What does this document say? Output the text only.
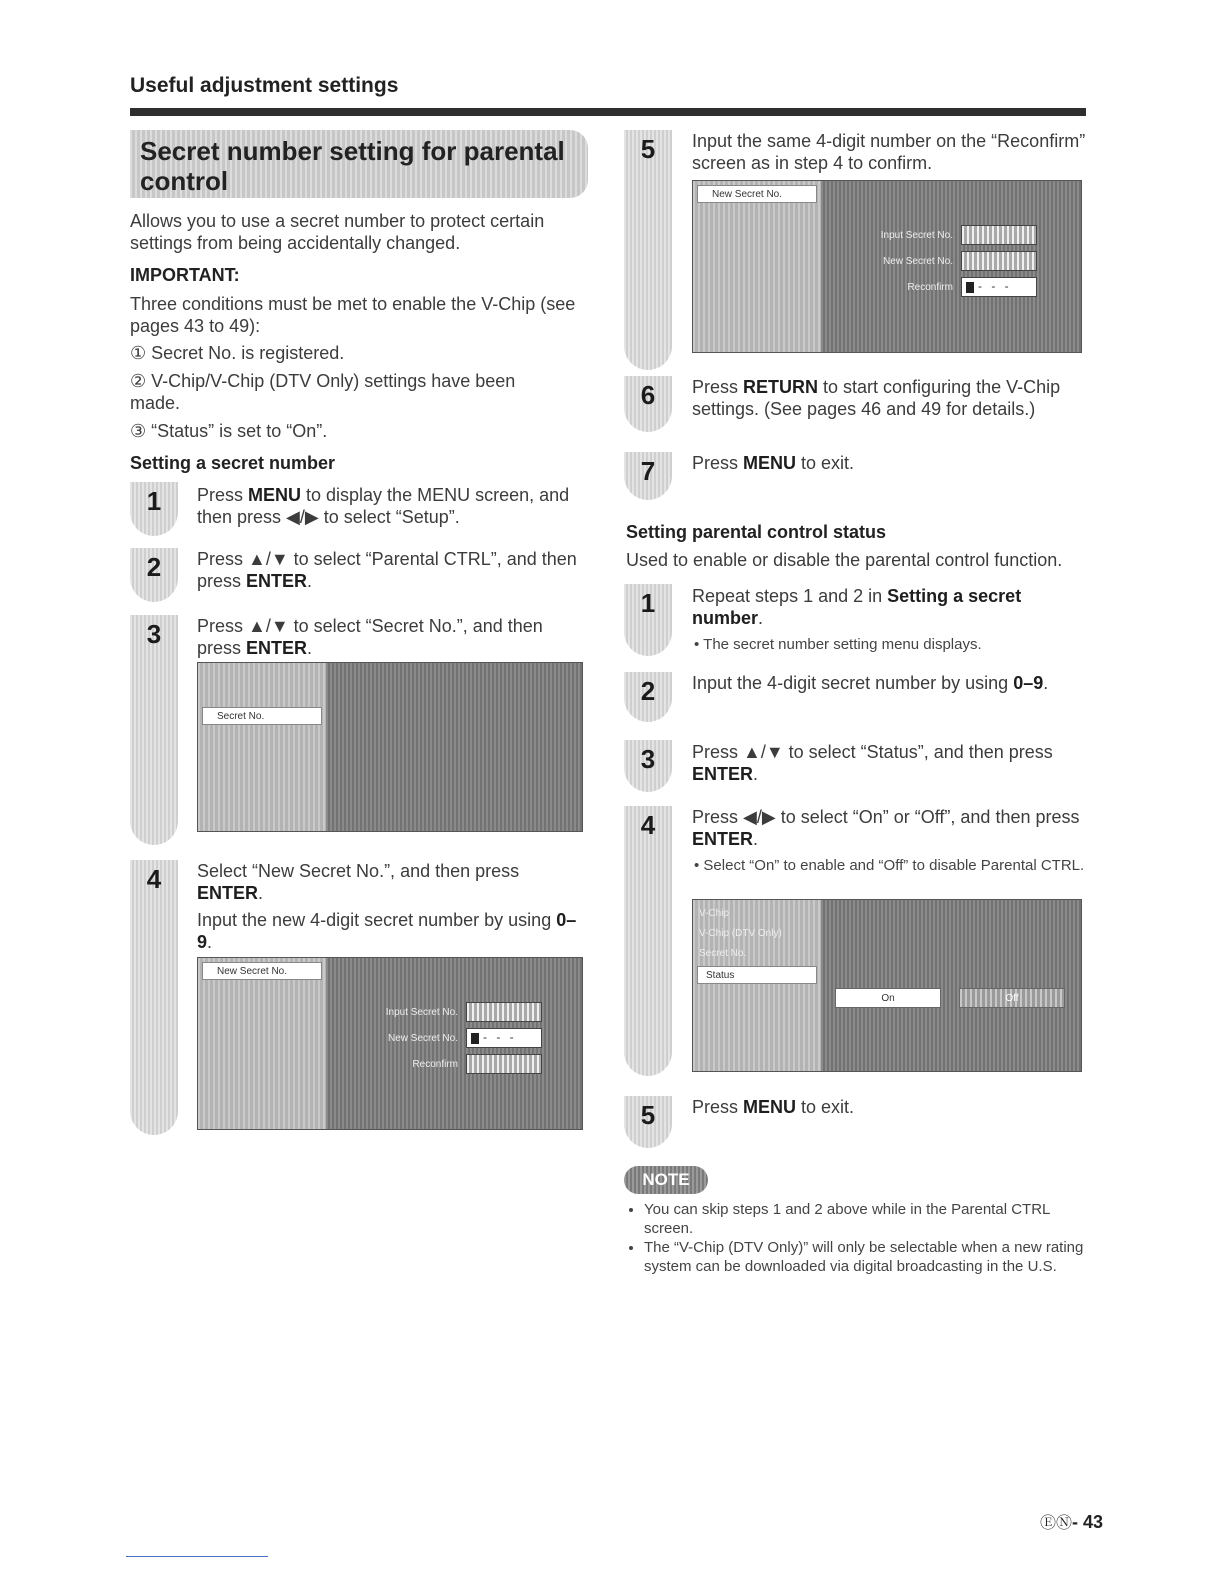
Useful adjustment settings
Secret number setting for parental control
Allows you to use a secret number to protect certain settings from being accidentally changed.
IMPORTANT:
Three conditions must be met to enable the V-Chip (see pages 43 to 49):
① Secret No. is registered.
② V-Chip/V-Chip (DTV Only) settings have been made.
③ “Status” is set to “On”.
Setting a secret number
1	Press MENU to display the MENU screen, and then press ◀/▶ to select “Setup”.
2	Press ▲/▼ to select “Parental CTRL”, and then press ENTER.
3	Press ▲/▼ to select “Secret No.”, and then press ENTER.
Secret No.
4	Select “New Secret No.”, and then press ENTER.
Input the new 4-digit secret number by using 0–9.
New Secret No.
Input Secret No.
New Secret No. - - -
Reconfirm
5	Input the same 4-digit number on the “Reconfirm” screen as in step 4 to confirm.
New Secret No.
Input Secret No.
New Secret No.
Reconfirm - - -
6	Press RETURN to start configuring the V-Chip settings. (See pages 46 and 49 for details.)
7	Press MENU to exit.
Setting parental control status
Used to enable or disable the parental control function.
1	Repeat steps 1 and 2 in Setting a secret number.
• The secret number setting menu displays.
2	Input the 4-digit secret number by using 0–9.
3	Press ▲/▼ to select “Status”, and then press ENTER.
4	Press ◀/▶ to select “On” or “Off”, and then press ENTER.
• Select “On” to enable and “Off” to disable Parental CTRL.
V-Chip
V-Chip (DTV Only)
Secret No.
Status
On	Off
5	Press MENU to exit.
NOTE
• You can skip steps 1 and 2 above while in the Parental CTRL screen.
• The “V-Chip (DTV Only)” will only be selectable when a new rating system can be downloaded via digital broadcasting in the U.S.
ⒺⓃ- 43
